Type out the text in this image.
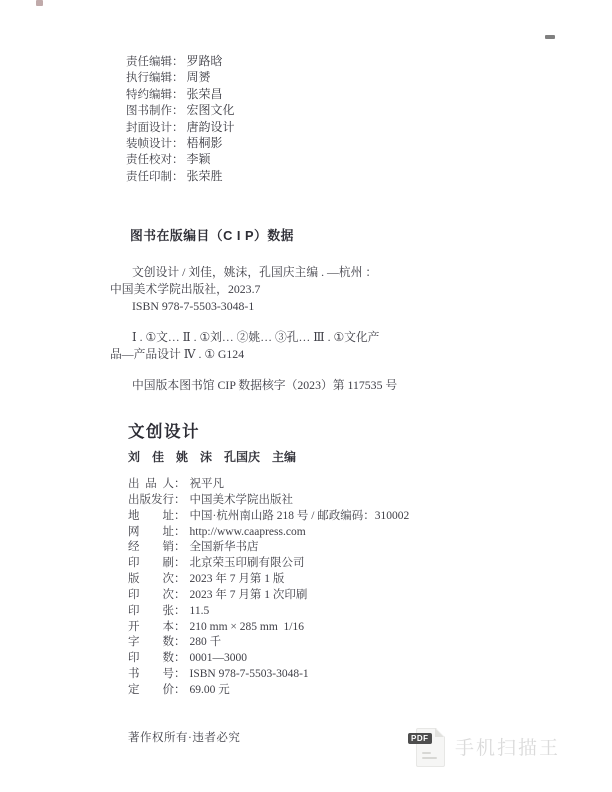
责任编辑： 罗路晗
执行编辑： 周赟
特约编辑： 张荣昌
图书制作： 宏图文化
封面设计： 唐韵设计
装帧设计： 梧桐影
责任校对： 李颖
责任印制： 张荣胜
图书在版编目（C I P）数据

文创设计 / 刘佳，姚沫，孔国庆主编 . —杭州 ：

中国美术学院出版社，2023.7

ISBN 978-7-5503-3048-1

Ⅰ . ①文… Ⅱ . ①刘… ②姚… ③孔… Ⅲ . ①文化产

品—产品设计 Ⅳ . ① G124

中国版本图书馆 CIP 数据核字（2023）第 117535 号

文创设计
刘　佳　姚　沫　孔国庆　主编
出品人： 祝平凡
出版发行： 中国美术学院出版社
地址： 中国·杭州南山路 218 号 / 邮政编码：310002
网址： http://www.caapress.com
经销： 全国新华书店
印刷： 北京荣玉印刷有限公司
版次： 2023 年 7 月第 1 版
印次： 2023 年 7 月第 1 次印刷
印张： 11.5
开本： 210 mm × 285 mm  1/16
字数： 280 千
印数： 0001—3000
书号： ISBN 978-7-5503-3048-1
定价： 69.00 元
著作权所有·违者必究	PDF 手机扫描王
